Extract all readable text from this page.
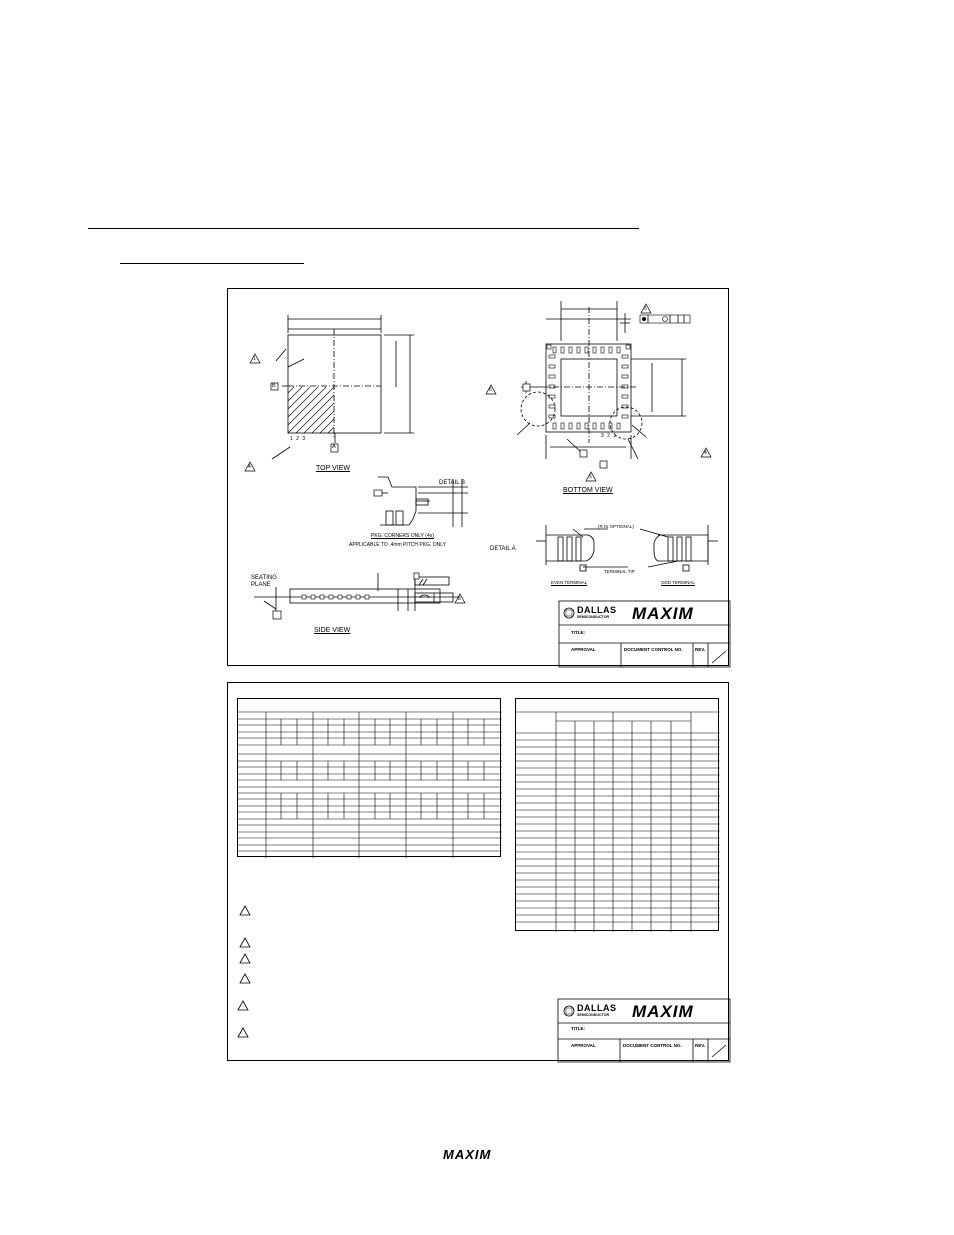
TOP VIEW
BOTTOM VIEW
SIDE VIEW
DETAIL B
DETAIL A
SEATING PLANE
PKG. CORNERS ONLY (4x)
APPLICABLE TO .4mm PITCH PKG. ONLY
(R IS OPTIONAL)
TERMINAL TIP
EVEN TERMINAL	ODD TERMINAL
A
B
1 2 3	3 2 1
1
4
6
5
4
5
8
DALLAS
SEMICONDUCTOR MAXIM
TITLE:
APPROVAL	DOCUMENT CONTROL NO.	REV.
DALLAS
SEMICONDUCTOR MAXIM
TITLE:
APPROVAL	DOCUMENT CONTROL NO.	REV.
MAXIM
